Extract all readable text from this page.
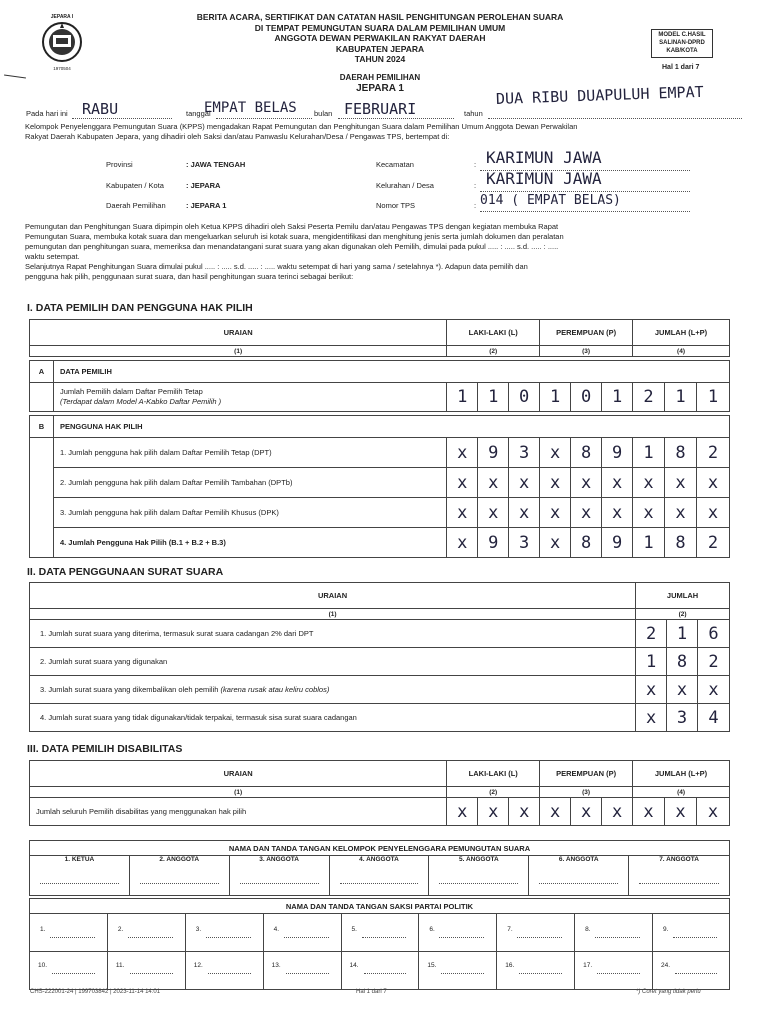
JEPARA I
KOMISI
1970504
BERITA ACARA, SERTIFIKAT DAN CATATAN HASIL PENGHITUNGAN PEROLEHAN SUARA
DI TEMPAT PEMUNGUTAN SUARA DALAM PEMILIHAN UMUM
ANGGOTA DEWAN PERWAKILAN RAKYAT DAERAH
KABUPATEN JEPARA
TAHUN 2024
MODEL C.HASIL
SALINAN-DPRD
KAB/KOTA
Hal 1 dari 7
DAERAH PEMILIHAN
JEPARA 1
Pada hari ini RABU	tanggal
EMPAT BELAS bulan FEBRUARI	tahun
DUA RIBU DUAPULUH EMPAT
Kelompok Penyelenggara Pemungutan Suara (KPPS) mengadakan Rapat Pemungutan dan Penghitungan Suara dalam Pemilihan Umum Anggota Dewan Perwakilan
Rakyat Daerah Kabupaten Jepara, yang dihadiri oleh Saksi dan/atau Panwaslu Kelurahan/Desa / Pengawas TPS, bertempat di:
Provinsi	: JAWA TENGAH
Kabupaten / Kota	: JEPARA
Daerah Pemilihan	: JEPARA 1
Kecamatan	: KARIMUN JAWA
Kelurahan / Desa	: KARIMUN JAWA
Nomor TPS	: 014 ( EMPAT BELAS)
Pemungutan dan Penghitungan Suara dipimpin oleh Ketua KPPS dihadiri oleh Saksi Peserta Pemilu dan/atau Pengawas TPS dengan kegiatan membuka Rapat
Pemungutan Suara, membuka kotak suara dan mengeluarkan seluruh isi kotak suara, mengidentifikasi dan menghitung jenis serta jumlah dokumen dan peralatan
pemungutan dan penghitungan suara, memeriksa dan menandatangani surat suara yang akan digunakan oleh Pemilih, dimulai pada pukul ..... : ..... s.d. ..... : .....
waktu setempat.
Selanjutnya Rapat Penghitungan Suara dimulai pukul ..... : ..... s.d. ..... : ..... waktu setempat di hari yang sama / setelahnya *). Adapun data pemilih dan
pengguna hak pilih, penggunaan surat suara, dan hasil penghitungan suara terinci sebagai berikut:
I. DATA PEMILIH DAN PENGGUNA HAK PILIH
URAIAN		LAKI-LAKI (L)			PEREMPUAN (P)			JUMLAH (L+P)		
(1)		(2)			(3)			(4)		

A	DATA PEMILIH									

	Jumlah Pemilih dalam Daftar Pemilih Tetap
(Terdapat dalam Model A-Kabko Daftar Pemilih )	1	1	0	1	0	1	2	1	1

B	PENGGUNA HAK PILIH									
	1. Jumlah pengguna hak pilih dalam Daftar Pemilih Tetap (DPT)	x	9	3	x	8	9	1	8	2
	2. Jumlah pengguna hak pilih dalam Daftar Pemilih Tambahan (DPTb)	x	x	x	x	x	x	x	x	x
	3. Jumlah pengguna hak pilih dalam Daftar Pemilih Khusus (DPK)	x	x	x	x	x	x	x	x	x
	4. Jumlah Pengguna Hak Pilih (B.1 + B.2 + B.3)	x	9	3	x	8	9	1	8	2
II. DATA PENGGUNAAN SURAT SUARA
URAIAN	JUMLAH		
(1)	(2)		
1. Jumlah surat suara yang diterima, termasuk surat suara cadangan 2% dari DPT	2	1	6
2. Jumlah surat suara yang digunakan	1	8	2
3. Jumlah surat suara yang dikembalikan oleh pemilih (karena rusak atau keliru coblos)	x	x	x
4. Jumlah surat suara yang tidak digunakan/tidak terpakai, termasuk sisa surat suara cadangan	x	3	4
III. DATA PEMILIH DISABILITAS
URAIAN	LAKI-LAKI (L)			PEREMPUAN (P)			JUMLAH (L+P)		
(1)	(2)			(3)			(4)		
Jumlah seluruh Pemilih disabilitas yang menggunakan hak pilih	x	x	x	x	x	x	x	x	x
NAMA DAN TANDA TANGAN KELOMPOK PENYELENGGARA PEMUNGUTAN SUARA
1. KETUA	2. ANGGOTA	3. ANGGOTA	4. ANGGOTA	5. ANGGOTA	6. ANGGOTA	7. ANGGOTA
NAMA DAN TANDA TANGAN SAKSI PARTAI POLITIK								
1.	2.	3.	4.	5.	6.	7.	8.	9.

10.	11.	12.	13.	14.	15.	16.	17.	24.
CHS-222001-24 | 199703842 | 2023-11-14 14:01	Hal 1 dari 7	*) Coret yang tidak perlu
